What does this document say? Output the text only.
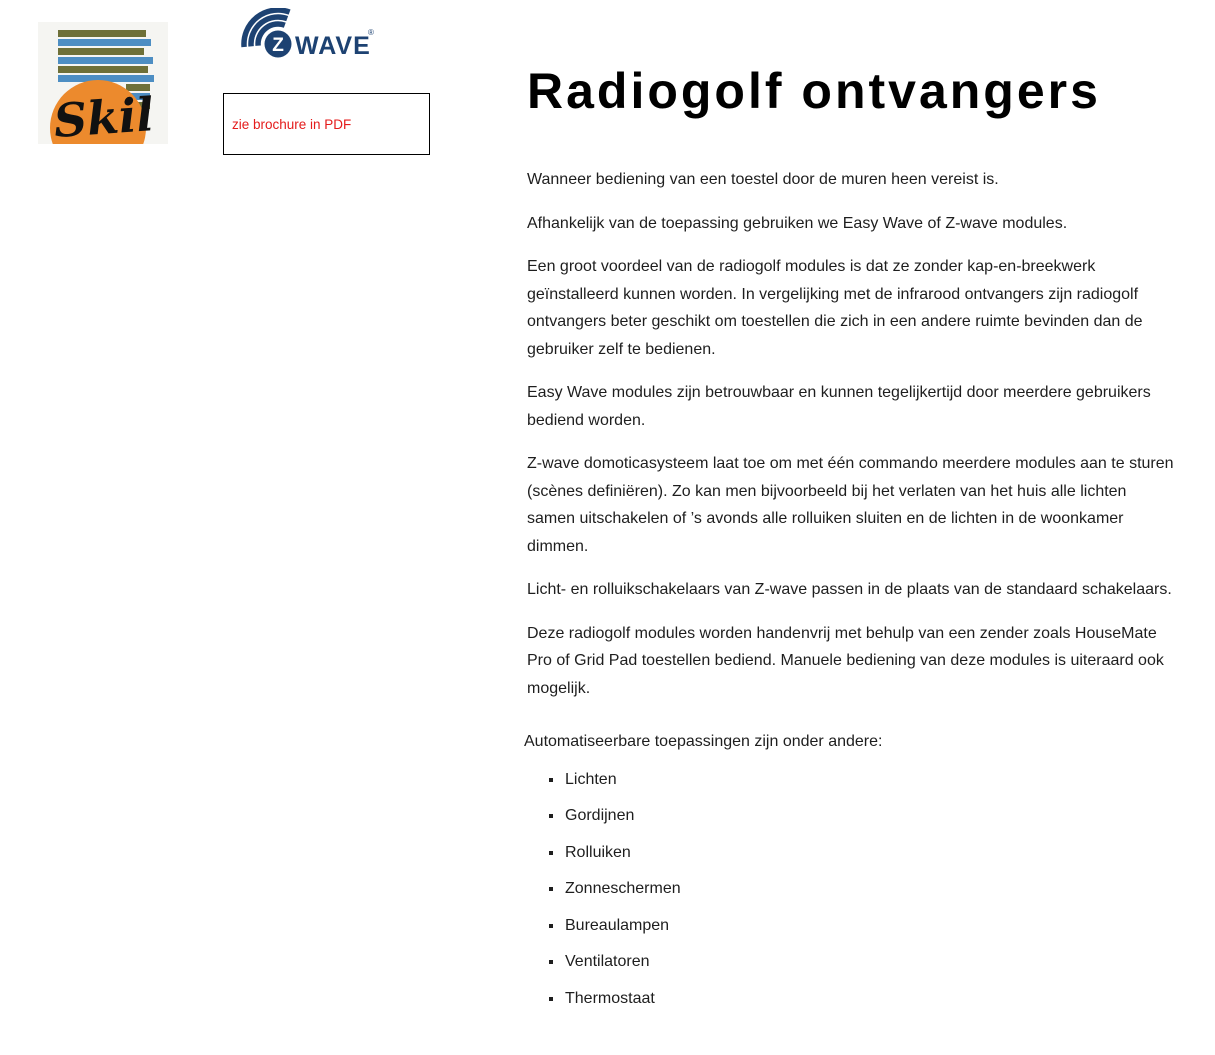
Skil
Z WAVE
®
zie brochure in PDF
Radiogolf ontvangers

Wanneer bediening van een toestel door de muren heen vereist is.

Afhankelijk van de toepassing gebruiken we Easy Wave of Z-wave modules.

Een groot voordeel van de radiogolf modules is dat ze zonder kap-en-breekwerk geïnstalleerd kunnen worden. In vergelijking met de infrarood ontvangers zijn radiogolf ontvangers beter geschikt om toestellen die zich in een andere ruimte bevinden dan de gebruiker zelf te bedienen.

Easy Wave modules zijn betrouwbaar en kunnen tegelijkertijd door meerdere gebruikers bediend worden.

Z-wave domoticasysteem laat toe om met één commando meerdere modules aan te sturen (scènes definiëren). Zo kan men bijvoorbeeld bij het verlaten van het huis alle lichten samen uitschakelen of ’s avonds alle rolluiken sluiten en de lichten in de woonkamer dimmen.

Licht- en rolluikschakelaars van Z-wave passen in de plaats van de standaard schakelaars.

Deze radiogolf modules worden handenvrij met behulp van een zender zoals HouseMate Pro of Grid Pad toestellen bediend. Manuele bediening van deze modules is uiteraard ook mogelijk.

Automatiseerbare toepassingen zijn onder andere:

Lichten
Gordijnen
Rolluiken
Zonneschermen
Bureaulampen
Ventilatoren
Thermostaat
